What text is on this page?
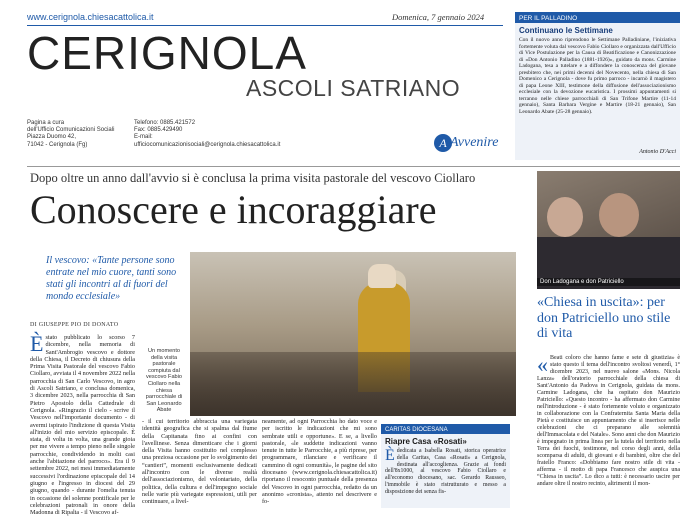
www.cerignola.chiesacattolica.it	Domenica, 7 gennaio 2024
CERIGNOLA
ASCOLI SATRIANO
Pagina a cura
dell'Ufficio Comunicazioni Sociali
Piazza Duomo 42,
71042 - Cerignola (Fg)
Telefono: 0885.421572
Fax: 0885.429490
E-mail:
ufficiocomunicazionisociali@cerignola.chiesacattolica.it	A Avvenire
PER IL PALLADINO
Continuano le Settimane
Con il nuovo anno riprendono le Settimane Palladiniane, l'iniziativa fortemente voluta dal vescovo Fabio Ciollaro e organizzata dall'Ufficio di Vice Postulazione per la Causa di Beatificazione e Canonizzazione di «Don Antonio Palladino (1881-1926)», guidato da mons. Carmine Ladogana, tesa a tutelare e a diffondere la conoscenza del giovane presbitero che, nei primi decenni del Novecento, nella chiesa di San Domenico a Cerignola - dove fu primo parroco - incarnò il magistero di papa Leone XIII, testimone della diffusione dell'associazionismo ecclesiale con la devozione eucaristica. I prossimi appuntamenti si terranno nelle chiese parrocchiali di San Trifone Martire (11-14 gennaio), Santa Barbara Vergine e Martire (18-21 gennaio), San Leonardo Abate (25-28 gennaio).
Antonio D'Acci
Dopo oltre un anno dall'avvio si è conclusa la prima visita pastorale del vescovo Ciollaro
Conoscere e incoraggiare
Il vescovo: «Tante persone sono entrate nel mio cuore, tanti sono stati gli incontri al di fuori del mondo ecclesiale»
DI GIUSEPPE PIO DI DONATO
Un momento della visita pastorale compiuta dal vescovo Fabio Ciollaro nella chiesa parrocchiale di San Leonardo Abate
Èstato pubblicato lo scorso 7 dicembre, nella memoria di Sant'Ambrogio vescovo e dottore della Chiesa, il Decreto di chiusura della Prima Visita Pastorale del vescovo Fabio Ciollaro, avviata il 4 novembre 2022 nella parrocchia di San Carlo Vescovo, in agro di Ascoli Satriano, e conclusa domenica, 3 dicembre 2023, nella parrocchia di San Pietro Apostolo della Cattedrale di Cerignola. «Ringrazio il cielo - scrive il Vescovo nell'importante documento - di avermi ispirato l'indizione di questa Visita all'inizio del mio servizio episcopale. È stata, di volta in volta, una grande gioia per me vivere a tempo pieno nelle singole parrocchie, condividendo in molti casi anche l'abitazione del parroco». Era il 9 settembre 2022, nei mesi immediatamente successivi l'ordinazione episcopale del 14 giugno e l'ingresso in diocesi del 29 giugno, quando - durante l'omelia tenuta in occasione del solenne pontificale per le celebrazioni patronali in onore della Madonna di Ripalta - il Vescovo af-
- il cui territorio abbraccia una variegata identità geografica che si spalma dal fiume della Capitanata fino ai confini con l'avellinese. Senza dimenticare che i giorni della Visita hanno costituito nel complesso una preziosa occasione per lo svolgimento dei “cantieri”, momenti esclusivamente dedicati all'incontro con le diverse realtà dell'associazionismo, del volontariato, della politica, della cultura e dell'impegno sociale nelle varie più variegate espressioni, utili per continuare, a livel-
neamente, ad ogni Parrocchia ho dato voce e per iscritto le indicazioni che mi sono sembrate utili e opportune». E se, a livello pastorale, «le suddette indicazioni vanno tenute in tutte le Parrocchie, a più riprese, per programmare, rilanciare e verificare il cammino di ogni comunità», le pagine del sito diocesano (www.cerignola.chiesacattolica.it) riportano il resoconto puntuale della presenza del Vescovo in ogni parrocchia, redatto da un anonimo «cronista», attento nel descrivere e fo-
CARITAS DIOCESANA
Riapre Casa «Rosati»
Èdedicata a Isabella Rosati, storica operatrice della Caritas, Casa «Rosati» a Cerignola, destinata all'accoglienza. Grazie ai fondi dell'8x1000, al vescovo Fabio Ciollaro e all'economo diocesano, sac. Gerardo Rausseo, l'immobile è stato ristrutturato e messo a disposizione dei senza fis-
Don Ladogana e don Patriciello
«Chiesa in uscita»: per don Patriciello uno stile di vita
« Beati coloro che hanno fame e sete di giustizia» è stato questo il tema dell'incontro svoltosi venerdì, 1° dicembre 2023, nel nuovo salone «Mons. Nicola Lanza» dell'oratorio parrocchiale della chiesa di Sant'Antonio da Padova in Cerignola, guidata da mons. Carmine Ladogana, che ha ospitato don Maurizio Patriciello: «Questo incontro - ha affermato don Carmine nell'introduzione - è stato fortemente voluto e organizzato in collaborazione con la Confraternita Santa Maria della Pietà e costituisce un appuntamento che si inserisce nelle celebrazioni che ci preparano alle solennità dell'Immacolata e del Natale». Sono anni che don Maurizio è impegnato in prima linea per la tutela del territorio nella Terra dei fuochi, testimone, nel corso degli anni, della scomparsa di adulti, di giovani e di bambini, oltre che del fratello Franco: «Dobbiamo fare nostro stile di vita - afferma - il motto di papa Francesco che auspica una “Chiesa in uscita”. Lo dico a tutti: è necessario uscire per andare oltre il nostro recinto, altrimenti il mon-
